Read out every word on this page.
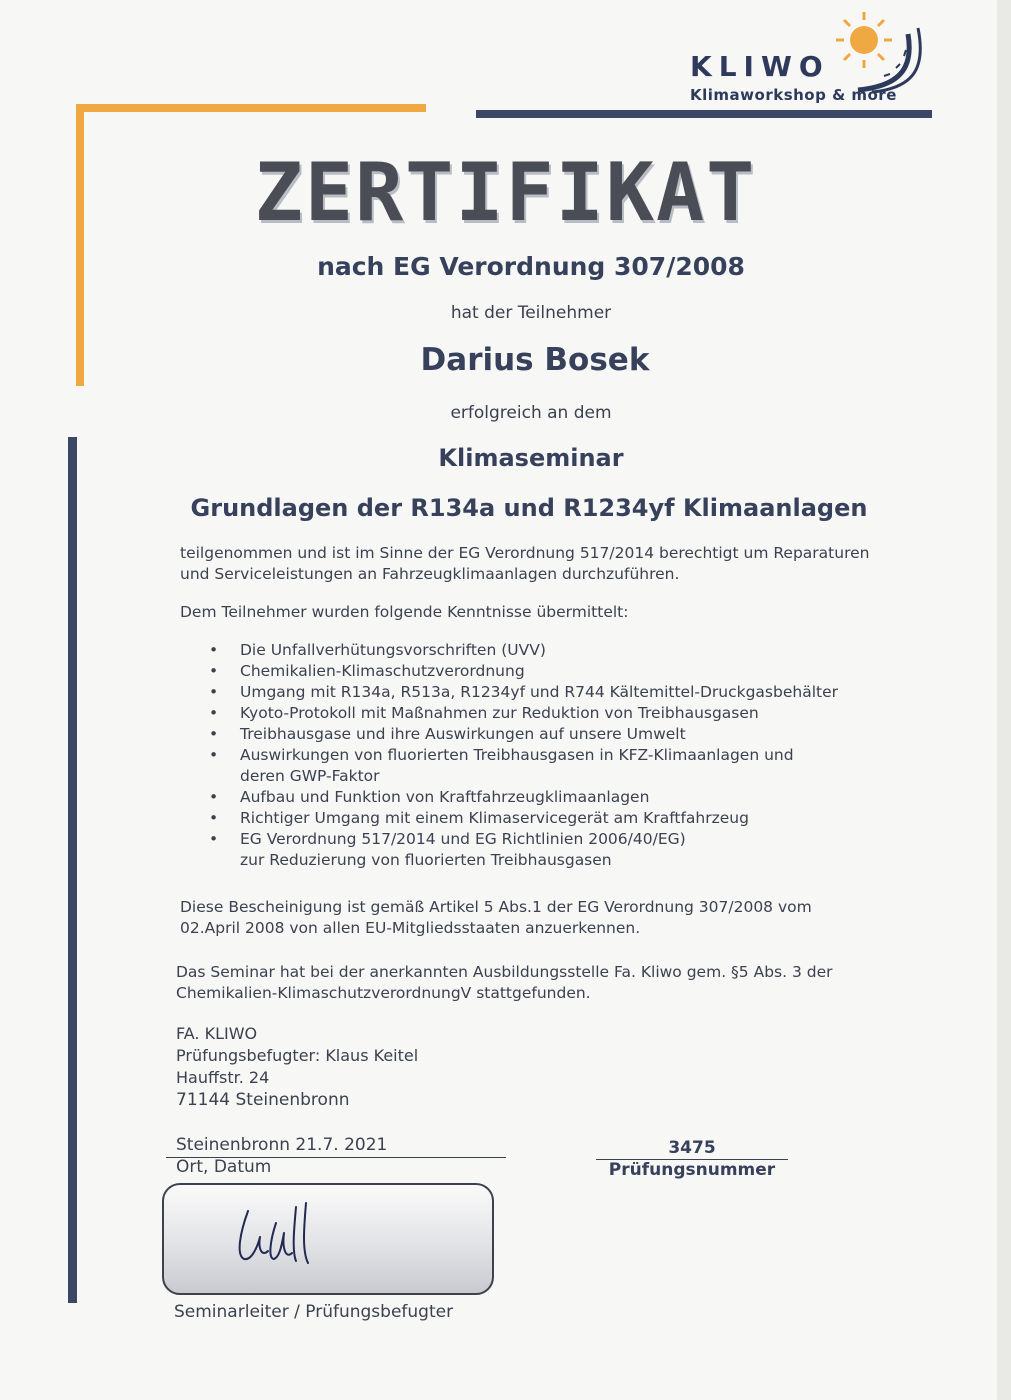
KLIWO
Klimaworkshop & more
ZERTIFIKAT
nach EG Verordnung 307/2008
hat der Teilnehmer
Darius Bosek
erfolgreich an dem
Klimaseminar
Grundlagen der R134a und R1234yf Klimaanlagen

teilgenommen und ist im Sinne der EG Verordnung 517/2014 berechtigt um Reparaturen

und Serviceleistungen an Fahrzeugklimaanlagen durchzuführen.

Dem Teilnehmer wurden folgende Kenntnisse übermittelt:

• Die Unfallverhütungsvorschriften (UVV)
• Chemikalien-Klimaschutzverordnung
• Umgang mit R134a, R513a, R1234yf und R744 Kältemittel-Druckgasbehälter
• Kyoto-Protokoll mit Maßnahmen zur Reduktion von Treibhausgasen
• Treibhausgase und ihre Auswirkungen auf unsere Umwelt
• Auswirkungen von fluorierten Treibhausgasen in KFZ-Klimaanlagen und deren GWP-Faktor
• Aufbau und Funktion von Kraftfahrzeugklimaanlagen
• Richtiger Umgang mit einem Klimaservicegerät am Kraftfahrzeug
• EG Verordnung 517/2014 und EG Richtlinien 2006/40/EG) zur Reduzierung von fluorierten Treibhausgasen

Diese Bescheinigung ist gemäß Artikel 5 Abs.1 der EG Verordnung 307/2008 vom

02.April 2008 von allen EU-Mitgliedsstaaten anzuerkennen.

Das Seminar hat bei der anerkannten Ausbildungsstelle Fa. Kliwo gem. §5 Abs. 3 der

Chemikalien-KlimaschutzverordnungV stattgefunden.

FA. KLIWO
Prüfungsbefugter: Klaus Keitel
Hauffstr. 24
71144 Steinenbronn
Steinenbronn 21.7. 2021
Ort, Datum
3475
Prüfungsnummer
Seminarleiter / Prüfungsbefugter
